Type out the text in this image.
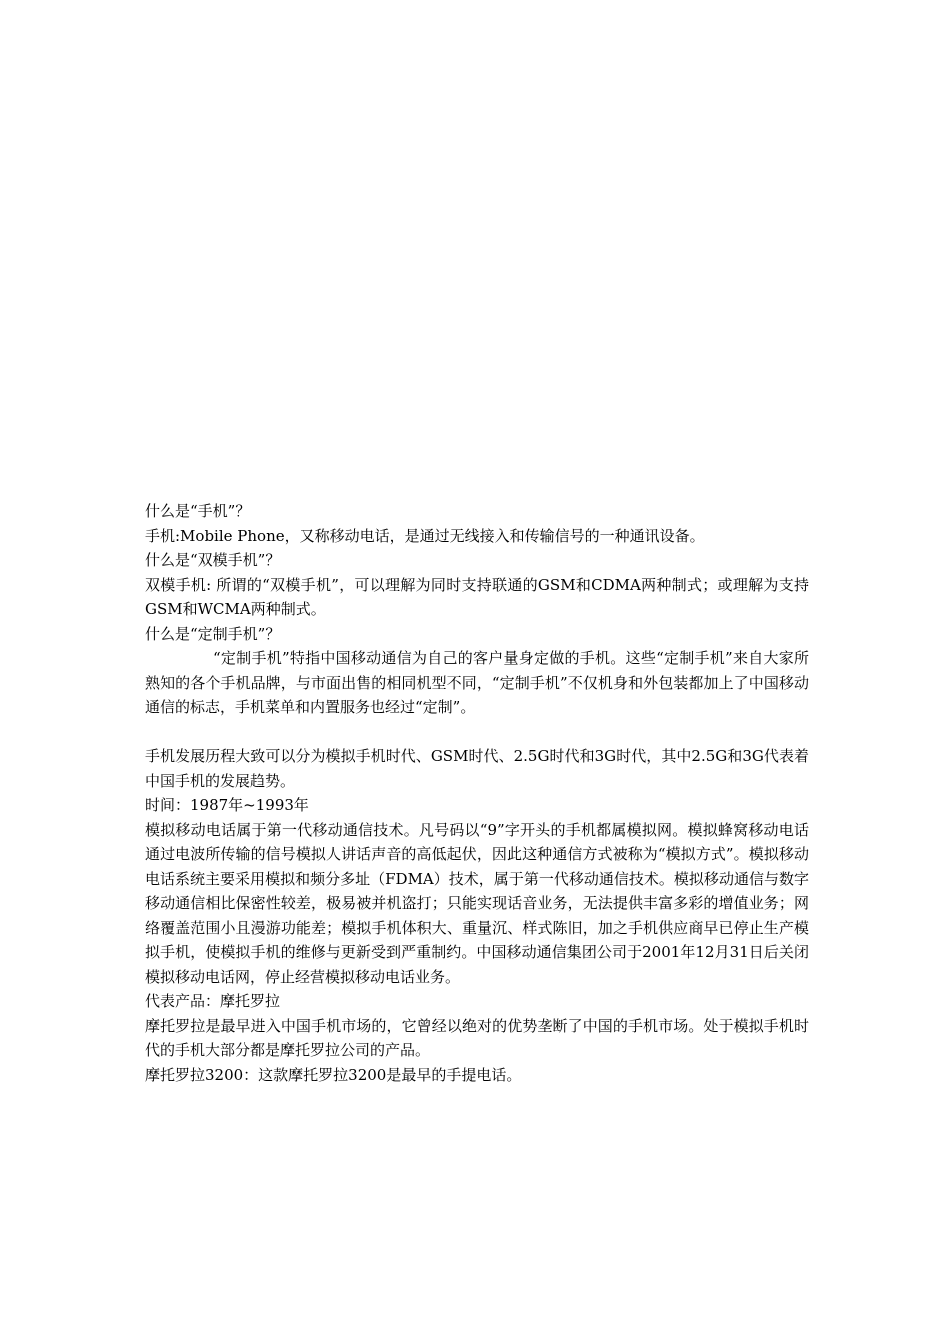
什么是“手机”？

手机:Mobile Phone，又称移动电话，是通过无线接入和传输信号的一种通讯设备。

什么是“双模手机”？

双模手机: 所谓的“双模手机”，可以理解为同时支持联通的GSM和CDMA两种制式；或理解为支持GSM和WCMA两种制式。

什么是“定制手机”？

“定制手机”特指中国移动通信为自己的客户量身定做的手机。这些“定制手机”来自大家所熟知的各个手机品牌，与市面出售的相同机型不同，“定制手机”不仅机身和外包装都加上了中国移动通信的标志，手机菜单和内置服务也经过“定制”。

手机发展历程大致可以分为模拟手机时代、GSM时代、2.5G时代和3G时代，其中2.5G和3G代表着中国手机的发展趋势。

时间：1987年~1993年

模拟移动电话属于第一代移动通信技术。凡号码以“9”字开头的手机都属模拟网。模拟蜂窝移动电话通过电波所传输的信号模拟人讲话声音的高低起伏，因此这种通信方式被称为“模拟方式”。模拟移动电话系统主要采用模拟和频分多址（FDMA）技术，属于第一代移动通信技术。模拟移动通信与数字移动通信相比保密性较差，极易被并机盗打；只能实现话音业务，无法提供丰富多彩的增值业务；网络覆盖范围小且漫游功能差；模拟手机体积大、重量沉、样式陈旧，加之手机供应商早已停止生产模拟手机，使模拟手机的维修与更新受到严重制约。中国移动通信集团公司于2001年12月31日后关闭模拟移动电话网，停止经营模拟移动电话业务。

代表产品：摩托罗拉

摩托罗拉是最早进入中国手机市场的，它曾经以绝对的优势垄断了中国的手机市场。处于模拟手机时代的手机大部分都是摩托罗拉公司的产品。

摩托罗拉3200：这款摩托罗拉3200是最早的手提电话。
